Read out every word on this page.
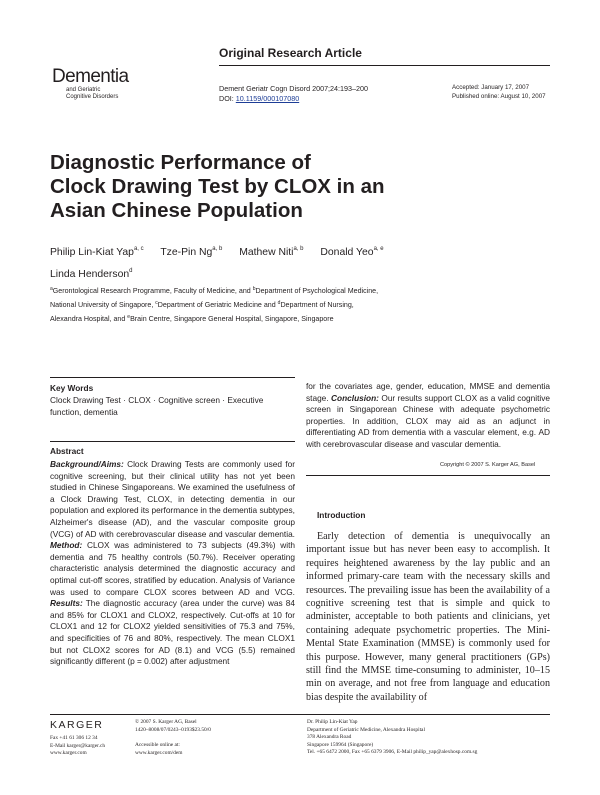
Dementia
and Geriatric
Cognitive Disorders
Original Research Article
Dement Geriatr Cogn Disord 2007;24:193–200
DOI: 10.1159/000107080
Accepted: January 17, 2007
Published online: August 10, 2007
Diagnostic Performance of
Clock Drawing Test by CLOX in an
Asian Chinese Population
Philip Lin-Kiat Yap$^{a, c}$ Tze-Pin Ng$^{a, b}$ Mathew Niti$^{a, b}$ Donald Yeo$^{a, e}$
Linda Henderson$^d$
$^a$Gerontological Research Programme, Faculty of Medicine, and $^b$Department of Psychological Medicine,
National University of Singapore, $^c$Department of Geriatric Medicine and $^d$Department of Nursing,
Alexandra Hospital, and $^e$Brain Centre, Singapore General Hospital, Singapore, Singapore
Key Words
Clock Drawing Test · CLOX · Cognitive screen · Executive
function, dementia
Abstract
Background/Aims: Clock Drawing Tests are commonly used for cognitive screening, but their clinical utility has not yet been studied in Chinese Singaporeans. We examined the usefulness of a Clock Drawing Test, CLOX, in detecting dementia in our population and explored its performance in the dementia subtypes, Alzheimer's disease (AD), and the vascular composite group (VCG) of AD with cerebrovascular disease and vascular dementia. Method: CLOX was administered to 73 subjects (49.3%) with dementia and 75 healthy controls (50.7%). Receiver operating characteristic analysis determined the diagnostic accuracy and optimal cut-off scores, stratified by education. Analysis of Variance was used to compare CLOX scores between AD and VCG. Results: The diagnostic accuracy (area under the curve) was 84 and 85% for CLOX1 and CLOX2, respectively. Cut-offs at 10 for CLOX1 and 12 for CLOX2 yielded sensitivities of 75.3 and 75%, and specificities of 76 and 80%, respectively. The mean CLOX1 but not CLOX2 scores for AD (8.1) and VCG (5.5) remained significantly different (p = 0.002) after adjustment
for the covariates age, gender, education, MMSE and dementia stage. Conclusion: Our results support CLOX as a valid cognitive screen in Singaporean Chinese with adequate psychometric properties. In addition, CLOX may aid as an adjunct in differentiating AD from dementia with a vascular element, e.g. AD with cerebrovascular disease and vascular dementia.
Copyright © 2007 S. Karger AG, Basel
Introduction
Early detection of dementia is unequivocally an important issue but has never been easy to accomplish. It requires heightened awareness by the lay public and an informed primary-care team with the necessary skills and resources. The prevailing issue has been the availability of a cognitive screening test that is simple and quick to administer, acceptable to both patients and clinicians, yet containing adequate psychometric properties. The Mini-Mental State Examination (MMSE) is commonly used for this purpose. However, many general practitioners (GPs) still find the MMSE time-consuming to administer, 10–15 min on average, and not free from language and education bias despite the availability of
KARGER
Fax +41 61 306 12 34
E-Mail karger@karger.ch
www.karger.com
© 2007 S. Karger AG, Basel
1420–8008/07/0243–0193$23.50/0
Accessible online at:
www.karger.com/dem
Dr. Philip Lin-Kiat Yap
Department of Geriatric Medicine, Alexandra Hospital
378 Alexandra Road
Singapore 159964 (Singapore)
Tel. +65 6472 2000, Fax +65 6379 3906, E-Mail philip_yap@alexhosp.com.sg
